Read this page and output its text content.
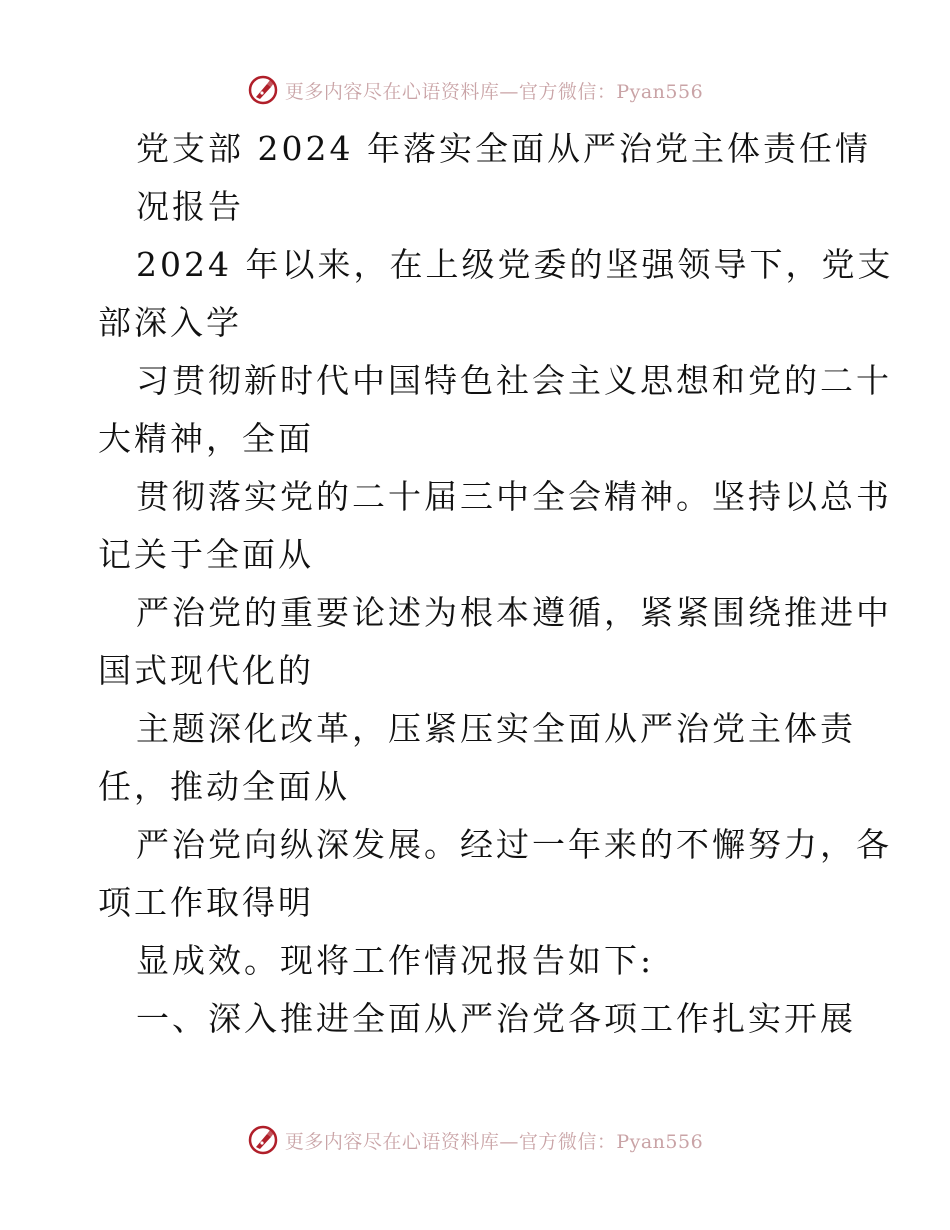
更多内容尽在心语资料库—官方微信：Pyan556
党支部 2024 年落实全面从严治党主体责任情
况报告
2024 年以来，在上级党委的坚强领导下，党支
部深入学
习贯彻新时代中国特色社会主义思想和党的二十
大精神，全面
贯彻落实党的二十届三中全会精神。坚持以总书
记关于全面从
严治党的重要论述为根本遵循，紧紧围绕推进中
国式现代化的
主题深化改革，压紧压实全面从严治党主体责
任，推动全面从
严治党向纵深发展。经过一年来的不懈努力，各
项工作取得明
显成效。现将工作情况报告如下:
一、深入推进全面从严治党各项工作扎实开展
更多内容尽在心语资料库—官方微信：Pyan556
